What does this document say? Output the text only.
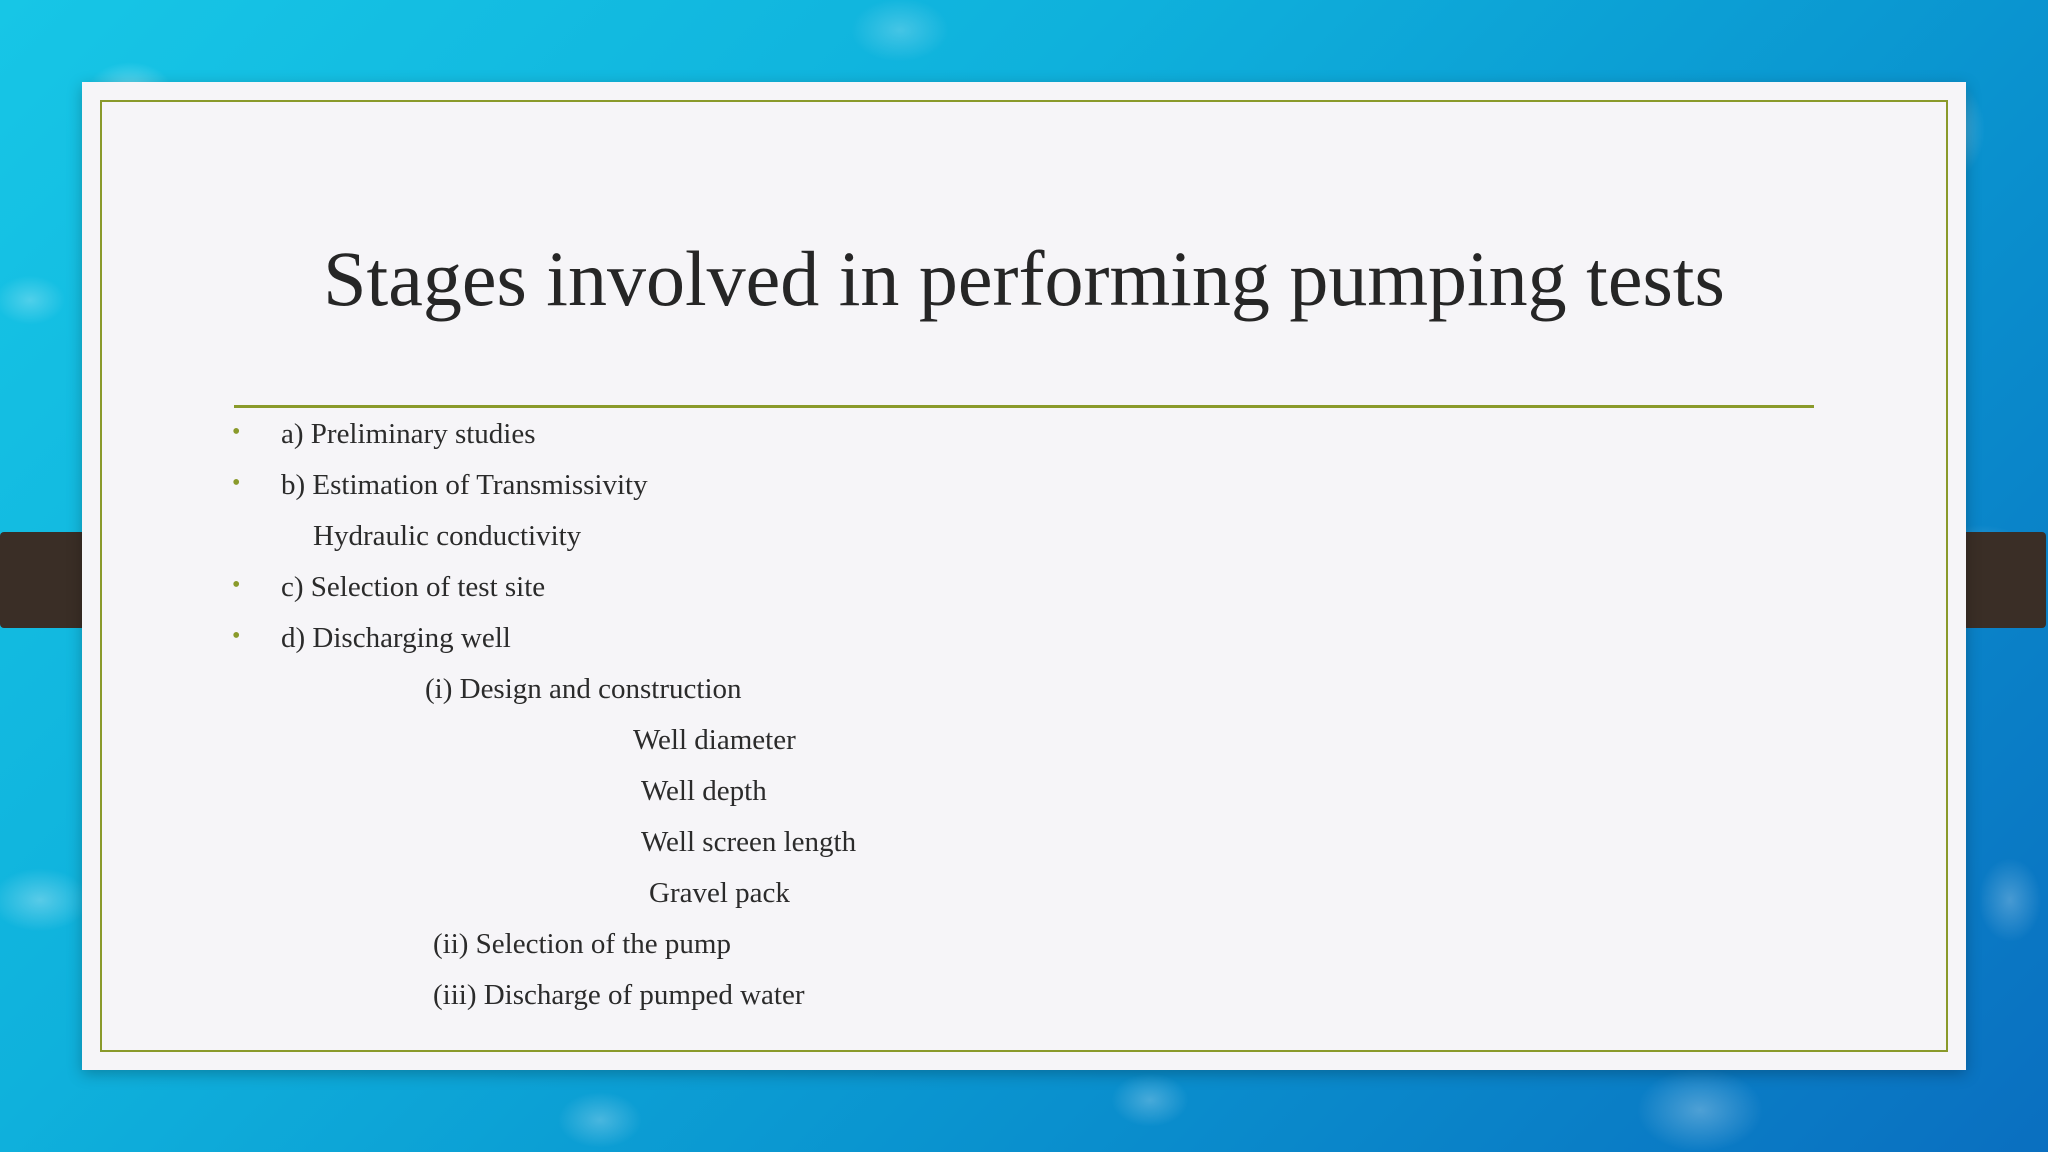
Stages involved in performing pumping tests
• a) Preliminary studies
• b) Estimation of Transmissivity
Hydraulic conductivity
• c) Selection of test site
• d) Discharging well
(i) Design and construction
Well diameter
Well depth
Well screen length
Gravel pack
(ii) Selection of the pump
(iii) Discharge of pumped water
